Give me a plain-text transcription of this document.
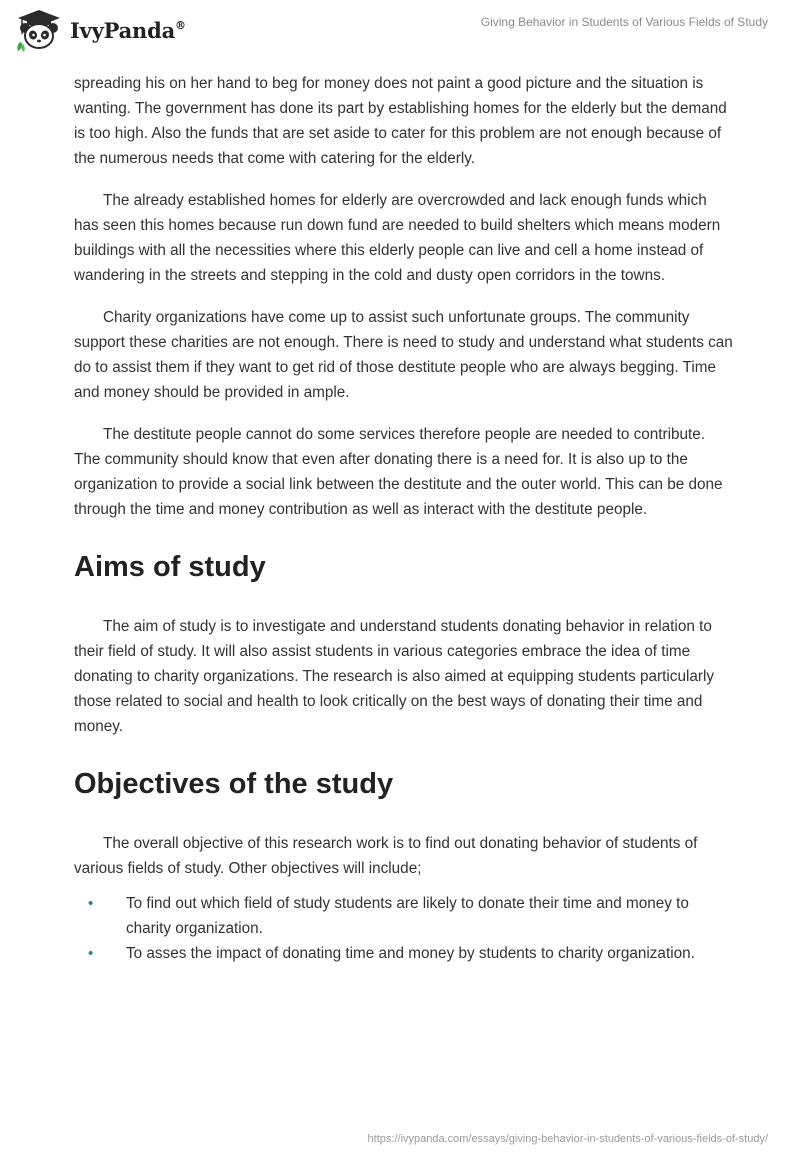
IvyPanda®	Giving Behavior in Students of Various Fields of Study

spreading his on her hand to beg for money does not paint a good picture and the situation is wanting. The government has done its part by establishing homes for the elderly but the demand is too high. Also the funds that are set aside to cater for this problem are not enough because of the numerous needs that come with catering for the elderly.

The already established homes for elderly are overcrowded and lack enough funds which has seen this homes because run down fund are needed to build shelters which means modern buildings with all the necessities where this elderly people can live and cell a home instead of wandering in the streets and stepping in the cold and dusty open corridors in the towns.

Charity organizations have come up to assist such unfortunate groups. The community support these charities are not enough. There is need to study and understand what students can do to assist them if they want to get rid of those destitute people who are always begging. Time and money should be provided in ample.

The destitute people cannot do some services therefore people are needed to contribute. The community should know that even after donating there is a need for. It is also up to the organization to provide a social link between the destitute and the outer world. This can be done through the time and money contribution as well as interact with the destitute people.

Aims of study

The aim of study is to investigate and understand students donating behavior in relation to their field of study. It will also assist students in various categories embrace the idea of time donating to charity organizations. The research is also aimed at equipping students particularly those related to social and health to look critically on the best ways of donating their time and money.

Objectives of the study

The overall objective of this research work is to find out donating behavior of students of various fields of study. Other objectives will include;

• To find out which field of study students are likely to donate their time and money to charity organization.
• To asses the impact of donating time and money by students to charity organization.
https://ivypanda.com/essays/giving-behavior-in-students-of-various-fields-of-study/
